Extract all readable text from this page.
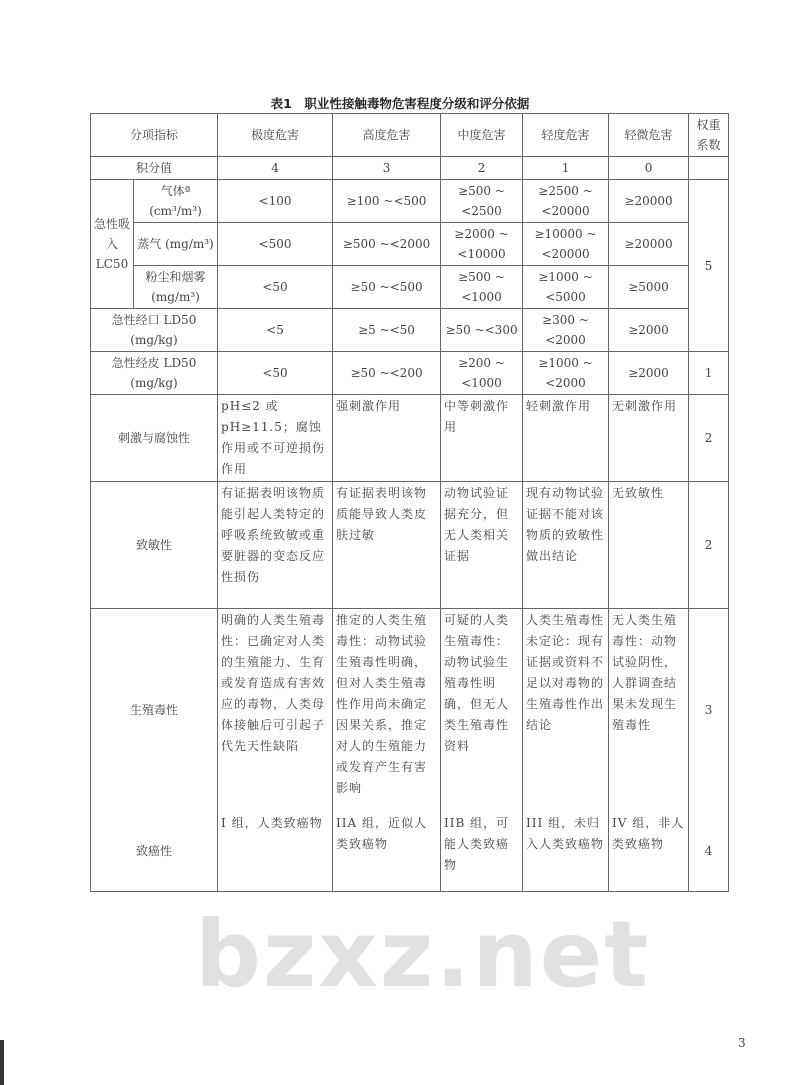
表1　职业性接触毒物危害程度分级和评分依据
bzxz.net
分项指标		极度危害	高度危害	中度危害	轻度危害	轻微危害	权重系数
积分值		4	3	2	1	0	
急性吸入 LC50	气体ª (cm³/m³)	<100	≥100 ~<500	≥500 ~<2500	≥2500 ~<20000	≥20000	5
	蒸气 (mg/m³)	<500	≥500 ~<2000	≥2000 ~<10000	≥10000 ~<20000	≥20000	
	粉尘和烟雾 (mg/m³)	<50	≥50 ~<500	≥500 ~<1000	≥1000 ~<5000	≥5000	
急性经口 LD50 (mg/kg)		<5	≥5 ~<50	≥50 ~<300	≥300 ~<2000	≥2000	
急性经皮 LD50 (mg/kg)		<50	≥50 ~<200	≥200 ~<1000	≥1000 ~<2000	≥2000	1
刺激与腐蚀性		pH≤2 或 pH≥11.5；腐蚀作用或不可逆损伤作用	强刺激作用	中等刺激作用	轻刺激作用	无刺激作用	2
致敏性		有证据表明该物质能引起人类特定的呼吸系统致敏或重要脏器的变态反应性损伤	有证据表明该物质能导致人类皮肤过敏	动物试验证据充分，但无人类相关证据	现有动物试验证据不能对该物质的致敏性做出结论	无致敏性	2
生殖毒性		明确的人类生殖毒性：已确定对人类的生殖能力、生育或发育造成有害效应的毒物，人类母体接触后可引起子代先天性缺陷	推定的人类生殖毒性：动物试验生殖毒性明确，但对人类生殖毒性作用尚未确定因果关系，推定对人的生殖能力或发育产生有害影响	可疑的人类生殖毒性：动物试验生殖毒性明确，但无人类生殖毒性资料	人类生殖毒性未定论：现有证据或资料不足以对毒物的生殖毒性作出结论	无人类生殖毒性：动物试验阴性，人群调查结果未发现生殖毒性	3
致癌性		I 组，人类致癌物	IIA 组，近似人类致癌物	IIB 组，可能人类致癌物	III 组，未归入人类致癌物	IV 组，非人类致癌物	4
3
